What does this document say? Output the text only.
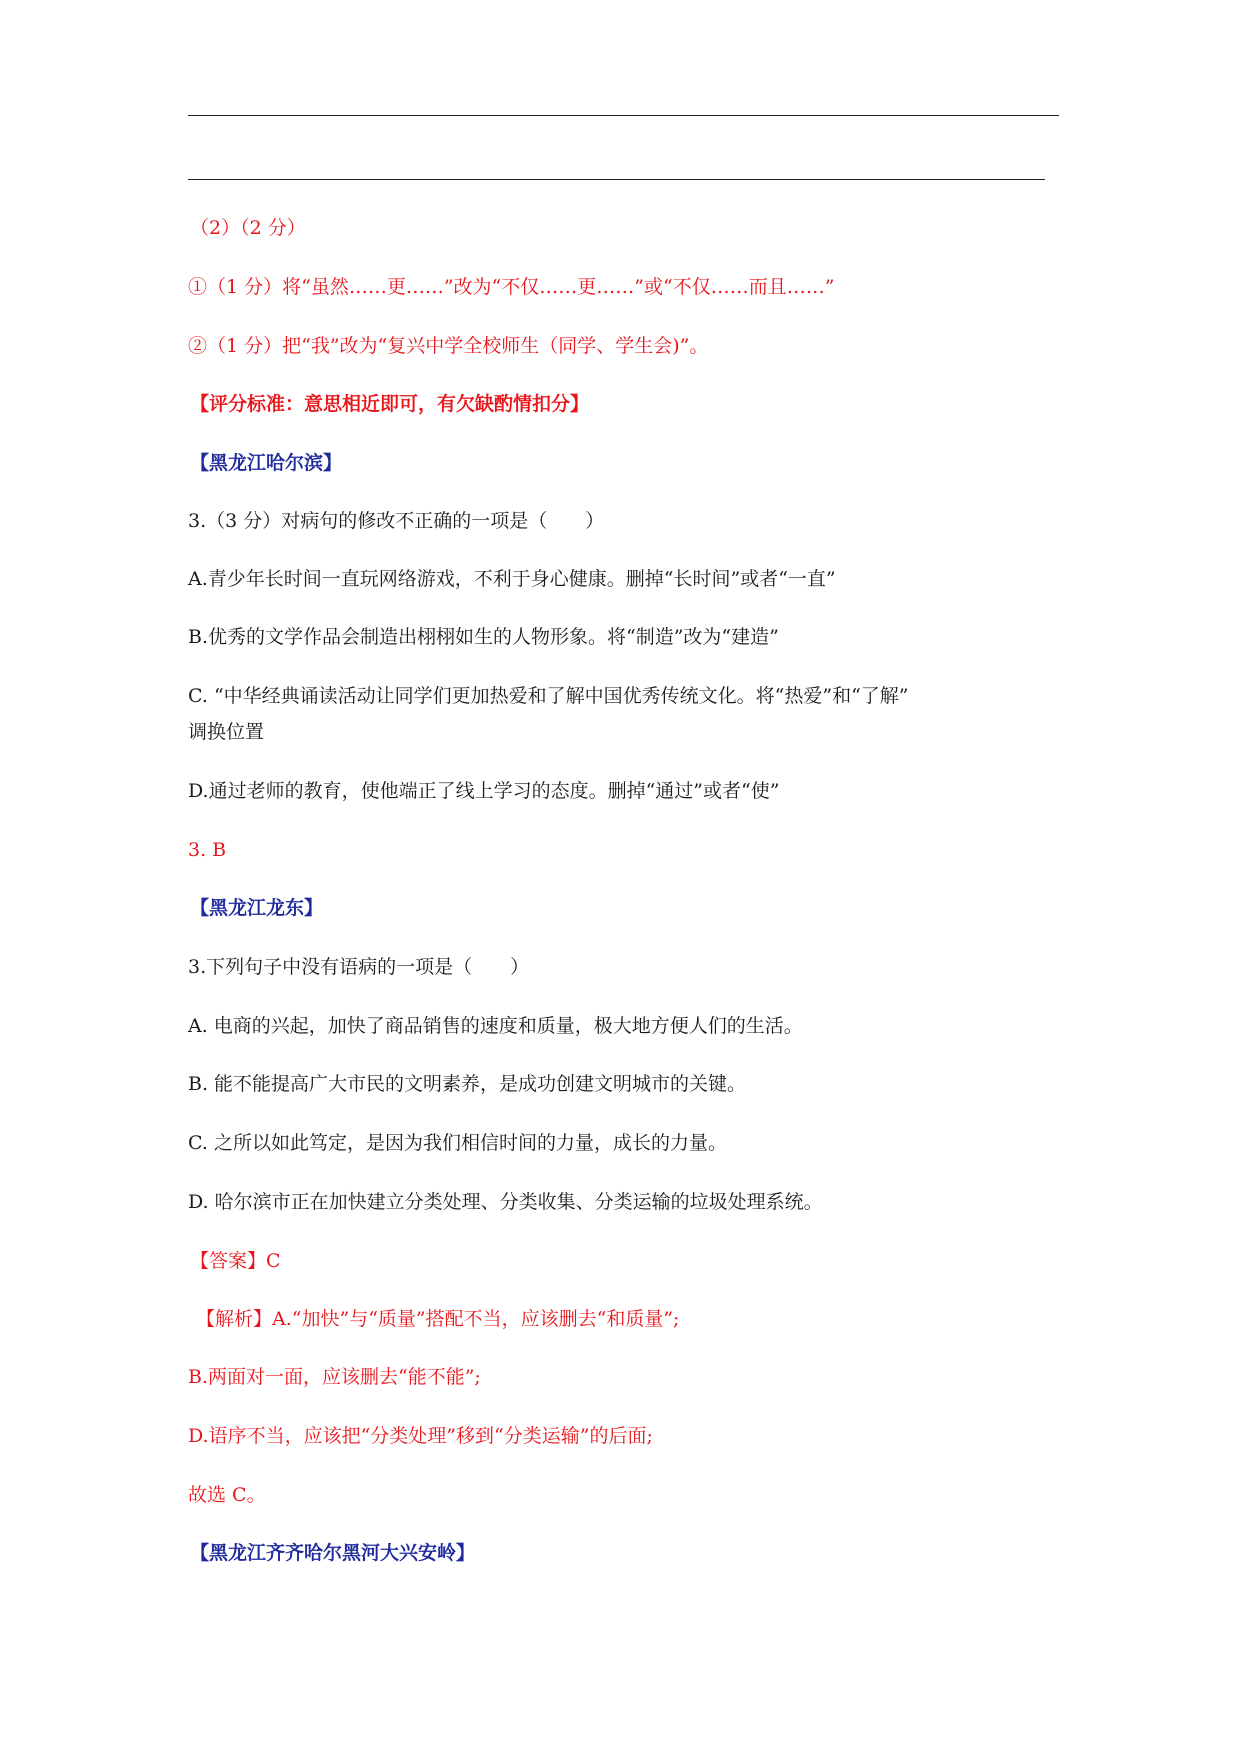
（2）（2 分）
①（1 分）将“虽然……更……”改为“不仅……更……”或“不仅……而且……”
②（1 分）把“我”改为“复兴中学全校师生（同学、学生会)”。
【评分标准：意思相近即可，有欠缺酌情扣分】
【黑龙江哈尔滨】
3.（3 分）对病句的修改不正确的一项是（　　）
A.青少年长时间一直玩网络游戏，不利于身心健康。删掉“长时间”或者“一直”
B.优秀的文学作品会制造出栩栩如生的人物形象。将“制造”改为“建造”
C. “中华经典诵读活动让同学们更加热爱和了解中国优秀传统文化。将“热爱”和“了解”
调换位置
D.通过老师的教育，使他端正了线上学习的态度。删掉“通过”或者“使”
3. B
【黑龙江龙东】
3.下列句子中没有语病的一项是（　　）
A. 电商的兴起，加快了商品销售的速度和质量，极大地方便人们的生活。
B. 能不能提高广大市民的文明素养，是成功创建文明城市的关键。
C. 之所以如此笃定，是因为我们相信时间的力量，成长的力量。
D. 哈尔滨市正在加快建立分类处理、分类收集、分类运输的垃圾处理系统。
【答案】C
【解析】A.“加快”与“质量”搭配不当，应该删去“和质量”;
B.两面对一面，应该删去“能不能”;
D.语序不当，应该把“分类处理”移到“分类运输”的后面;
故选 C。
【黑龙江齐齐哈尔黑河大兴安岭】
